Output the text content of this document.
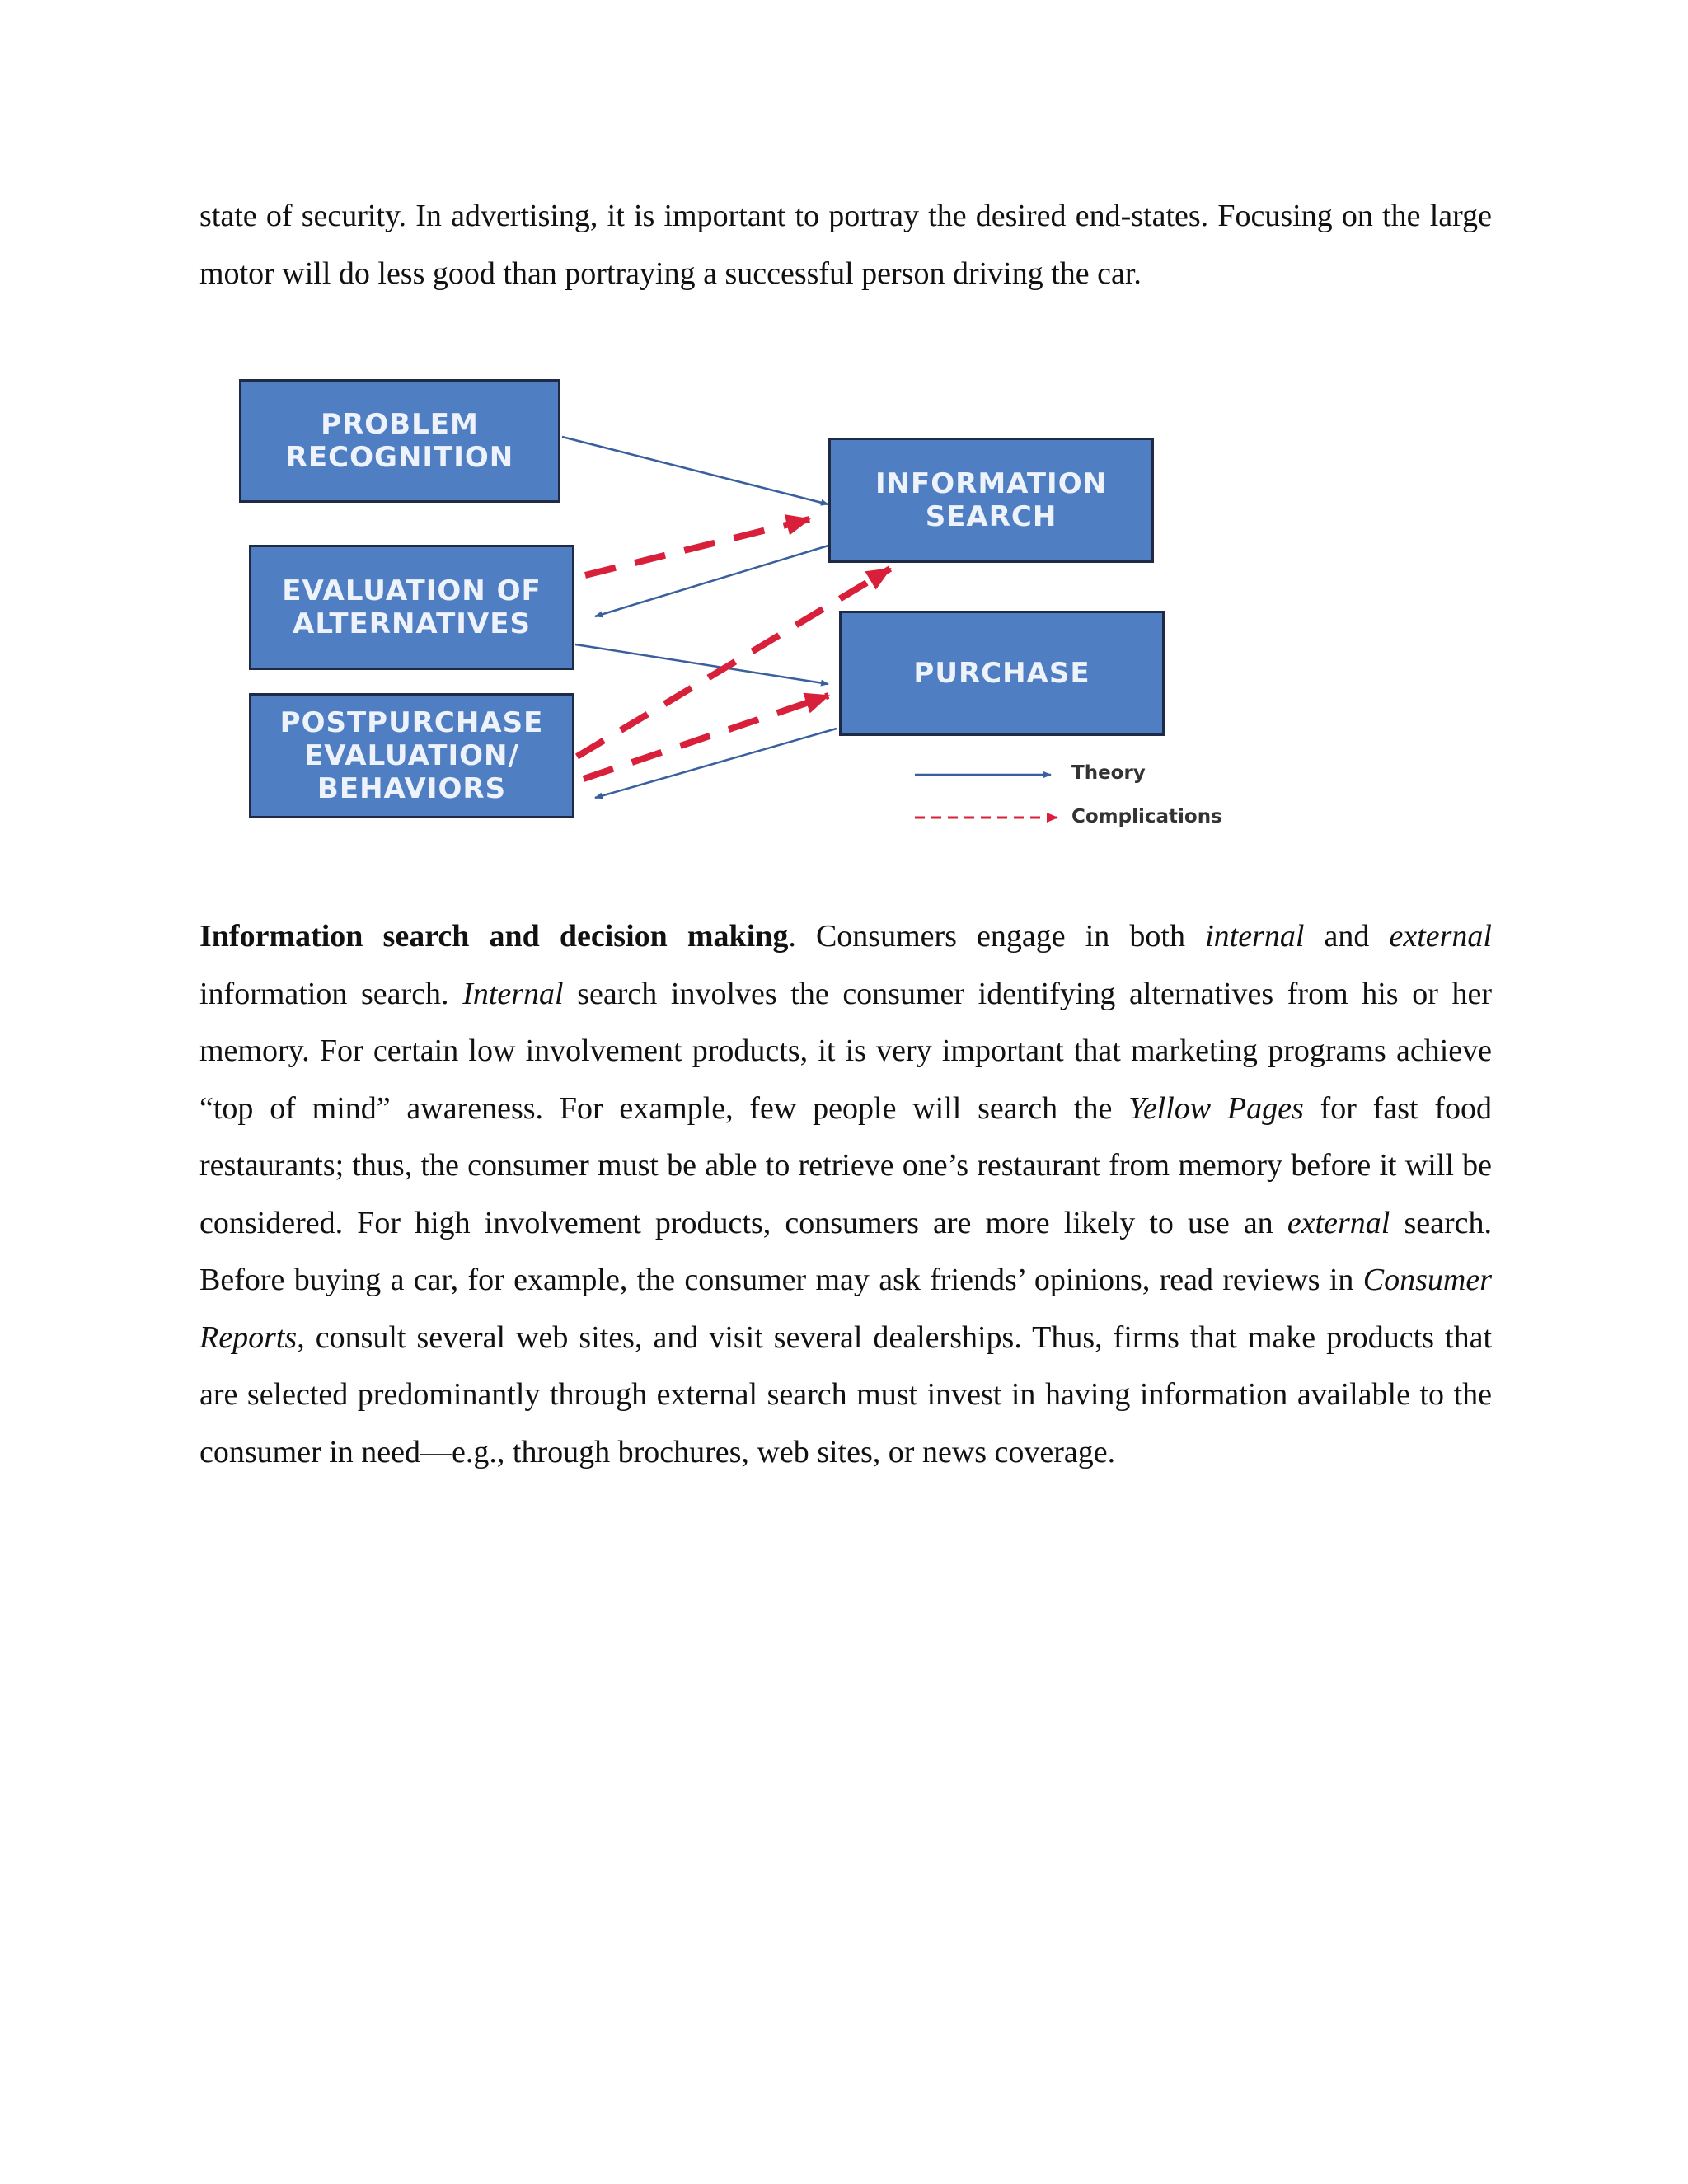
state of security. In advertising, it is important to portray the desired end-states. Focusing on the large motor will do less good than portraying a successful person driving the car.

PROBLEM
RECOGNITION
EVALUATION OF
ALTERNATIVES
POSTPURCHASE
EVALUATION/
BEHAVIORS
INFORMATION
SEARCH
PURCHASE
Theory
Complications

Information search and decision making. Consumers engage in both internal and external information search. Internal search involves the consumer identifying alternatives from his or her memory. For certain low involvement products, it is very important that marketing programs achieve “top of mind” awareness. For example, few people will search the Yellow Pages for fast food restaurants; thus, the consumer must be able to retrieve one’s restaurant from memory before it will be considered. For high involvement products, consumers are more likely to use an external search. Before buying a car, for example, the consumer may ask friends’ opinions, read reviews in Consumer Reports, consult several web sites, and visit several dealerships. Thus, firms that make products that are selected predominantly through external search must invest in having information available to the consumer in need—e.g., through brochures, web sites, or news coverage.
